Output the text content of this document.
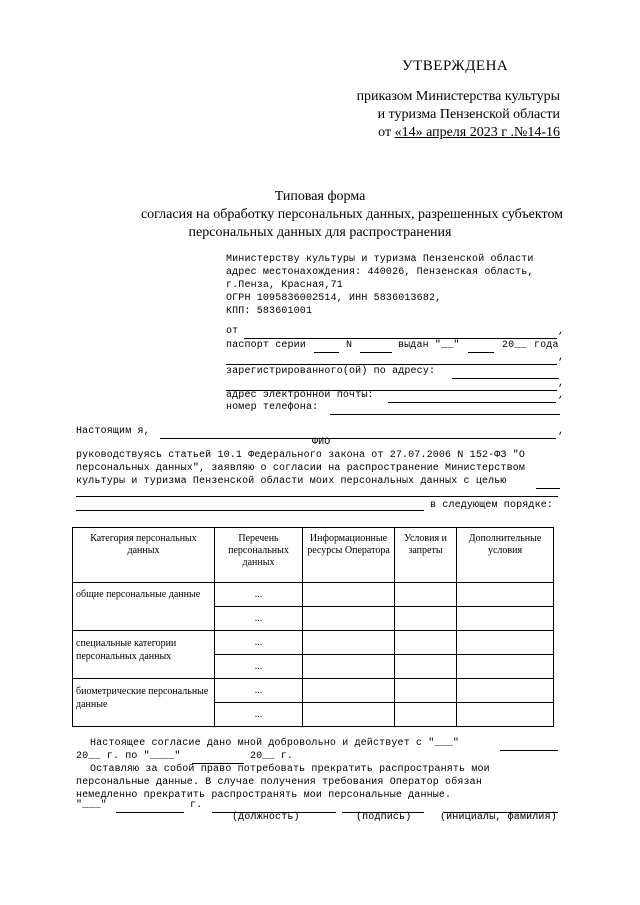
УТВЕРЖДЕНА
приказом Министерства культуры
и туризма Пензенской области
от «14» апреля 2023 г .№14-16
Типовая форма
согласия на обработку персональных данных, разрешенных субъектом
персональных данных для распространения
Министерству культуры и туризма Пензенской области
адрес местонахождения: 440026, Пензенская область,
г.Пенза, Красная,71
ОГРН 1095836002514, ИНН 5836013682,
КПП: 583601001
от	,
паспорт серии	N	выдан "__"	20__ года
,
зарегистрированного(ой) по адресу:
,
адрес электронной почты:	,
номер телефона:
Настоящим я,	,
ФИО
руководствуясь статьей 10.1 Федерального закона от 27.07.2006 N 152-ФЗ "О
персональных данных", заявляю о согласии на распространение Министерством
культуры и туризма Пензенской области моих персональных данных с целью
в следующем порядке:
Категория персональных данных	Перечень персональных данных	Информационные ресурсы Оператора	Условия и запреты	Дополнительные условия
общие персональные данные	...			
	...			
специальные категории персональных данных	...			
	...			
биометрические персональные данные	...			
	...			
Настоящее согласие дано мной добровольно и действует с "___"
20__ г. по "____"	20__ г.
Оставляю за собой право потребовать прекратить распространять мои
персональные данные. В случае получения требования Оператор обязан
немедленно прекратить распространять мои персональные данные.
"___"	г.
(должность)	(подпись)	(инициалы, фамилия)
